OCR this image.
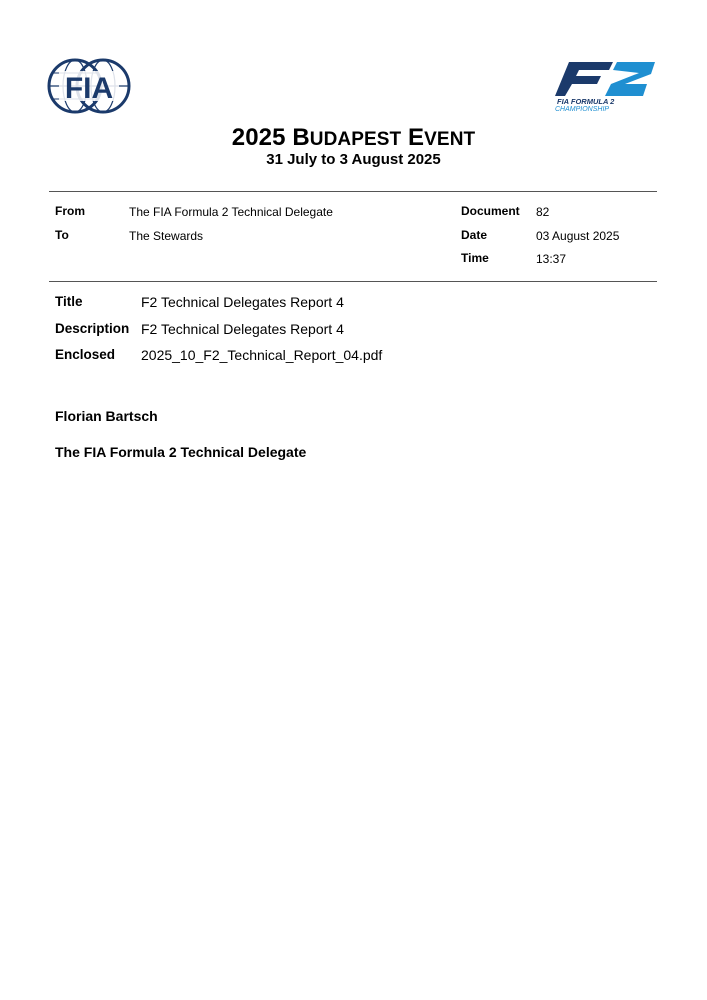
FIA
F2
FIA FORMULA 2
CHAMPIONSHIP
2025 BUDAPEST EVENT
31 July to 3 August 2025
From	The FIA Formula 2 Technical Delegate
To	The Stewards
Document 82
Date	03 August 2025
Time	13:37
Title	F2 Technical Delegates Report 4
Description F2 Technical Delegates Report 4
Enclosed 2025_10_F2_Technical_Report_04.pdf
Florian Bartsch
The FIA Formula 2 Technical Delegate
